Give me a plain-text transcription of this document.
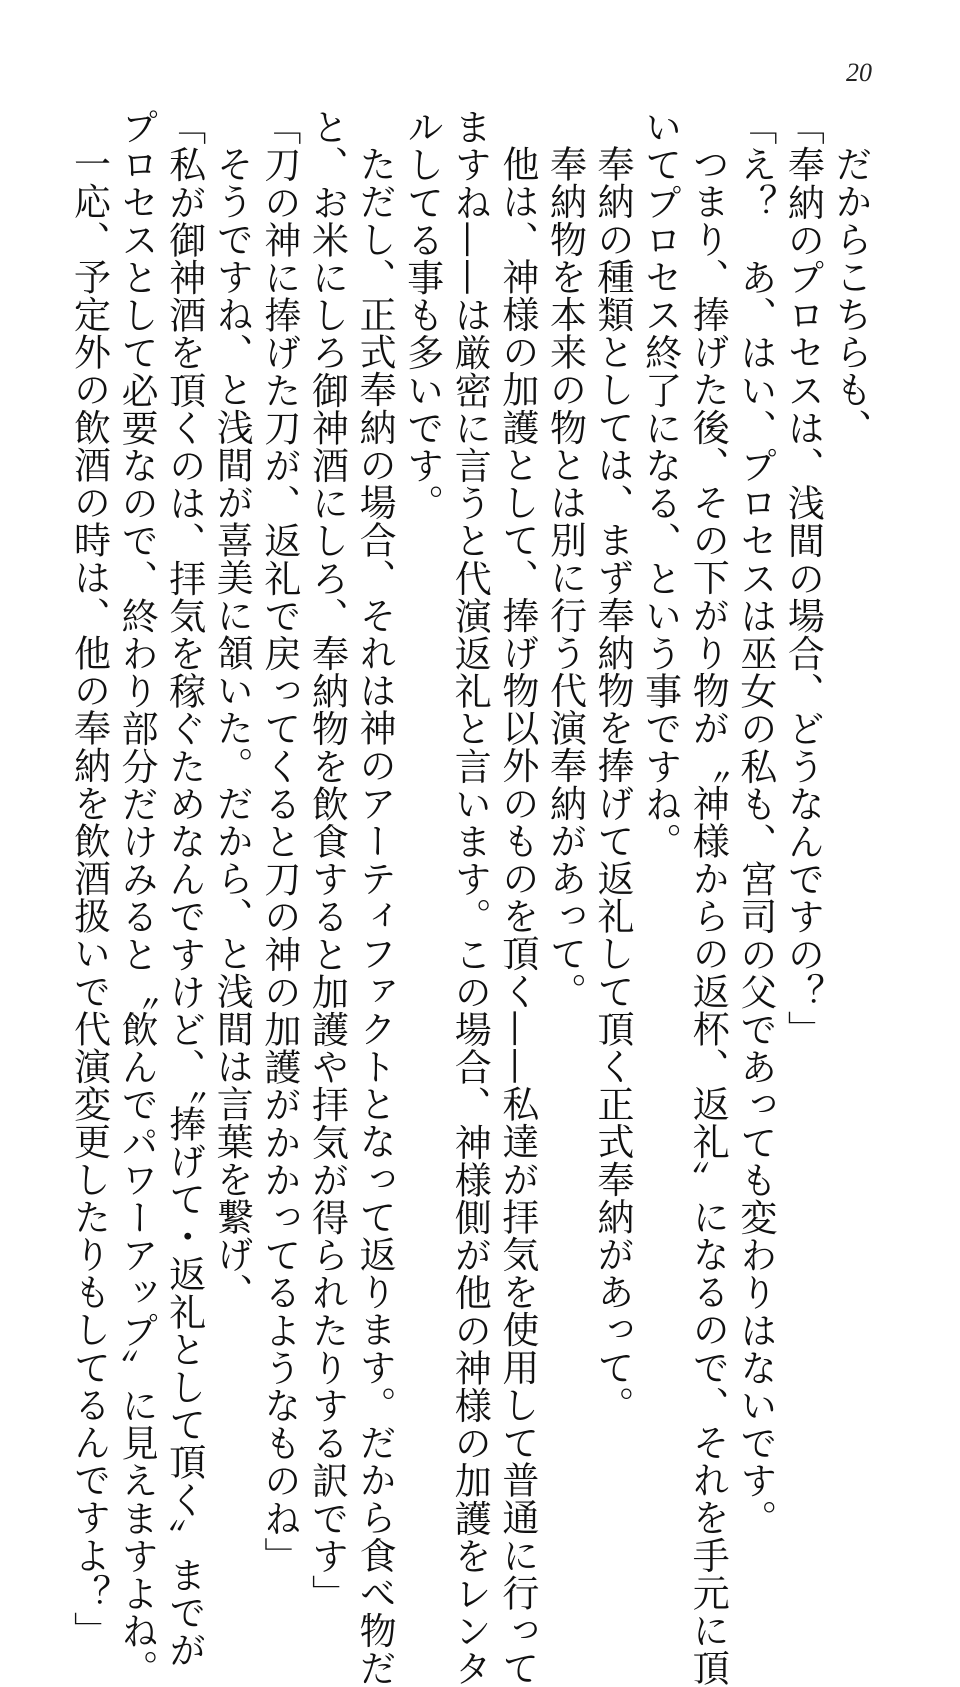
20
だからこちらも、
「奉納のプロセスは、浅間の場合、どうなんですの？」
「え？　あ、はい、プロセスは巫女の私も、宮司の父であっても変わりはないです。
つまり、捧げた後、その下がり物が〝神様からの返杯、返礼〟になるので、それを手元に頂
いてプロセス終了になる、という事ですね。
奉納の種類としては、まず奉納物を捧げて返礼して頂く正式奉納があって。
奉納物を本来の物とは別に行う代演奉納があって。
他は、神様の加護として、捧げ物以外のものを頂く——私達が拝気を使用して普通に行って
ますね——は厳密に言うと代演返礼と言います。この場合、神様側が他の神様の加護をレンタ
ルしてる事も多いです。
ただし、正式奉納の場合、それは神のアーティファクトとなって返ります。だから食べ物だ
と、お米にしろ御神酒にしろ、奉納物を飲食すると加護や拝気が得られたりする訳です」
「刀の神に捧げた刀が、返礼で戻ってくると刀の神の加護がかかってるようなものね」
そうですね、と浅間が喜美に頷いた。だから、と浅間は言葉を繋げ、
「私が御神酒を頂くのは、拝気を稼ぐためなんですけど、〝捧げて・返礼として頂く〟までが
プロセスとして必要なので、終わり部分だけみると〝飲んでパワーアップ〟に見えますよね。
一応、予定外の飲酒の時は、他の奉納を飲酒扱いで代演変更したりもしてるんですよ？」
